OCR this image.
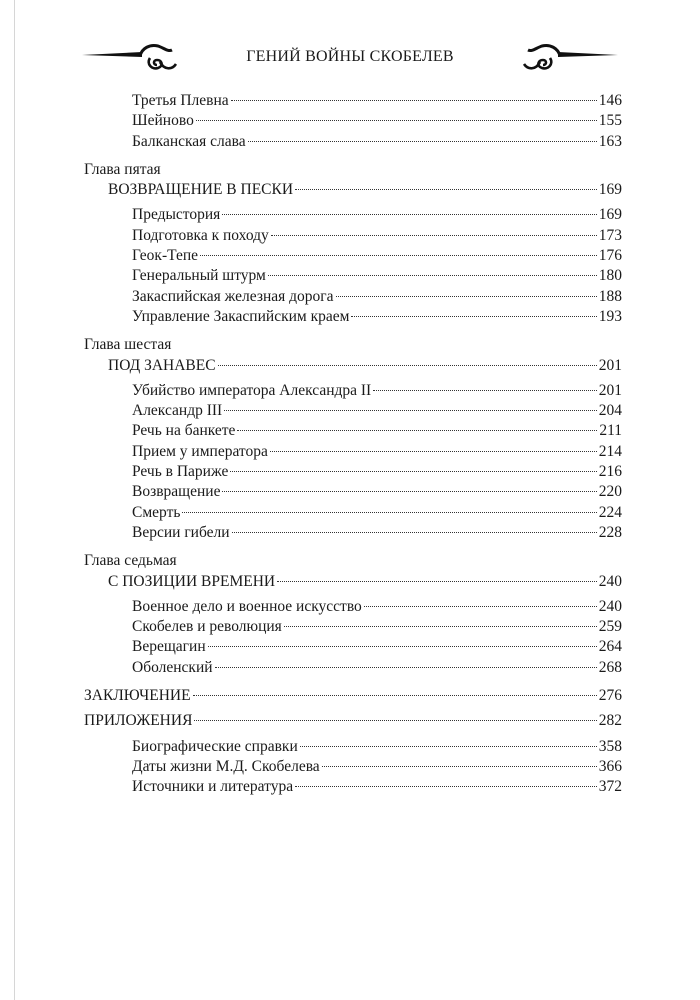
ГЕНИЙ ВОЙНЫ СКОБЕЛЕВ
Третья Плевна	146
Шейново	155
Балканская слава	163
Глава пятая
ВОЗВРАЩЕНИЕ В ПЕСКИ	169
Предыстория	169
Подготовка к походу	173
Геок-Тепе	176
Генеральный штурм	180
Закаспийская железная дорога	188
Управление Закаспийским краем	193
Глава шестая
ПОД ЗАНАВЕС	201
Убийство императора Александра II	201
Александр III	204
Речь на банкете	211
Прием у императора	214
Речь в Париже	216
Возвращение	220
Смерть	224
Версии гибели	228
Глава седьмая
С ПОЗИЦИИ ВРЕМЕНИ	240
Военное дело и военное искусство	240
Скобелев и революция	259
Верещагин	264
Оболенский	268
ЗАКЛЮЧЕНИЕ	276
ПРИЛОЖЕНИЯ	282
Биографические справки	358
Даты жизни М.Д. Скобелева	366
Источники и литература	372
